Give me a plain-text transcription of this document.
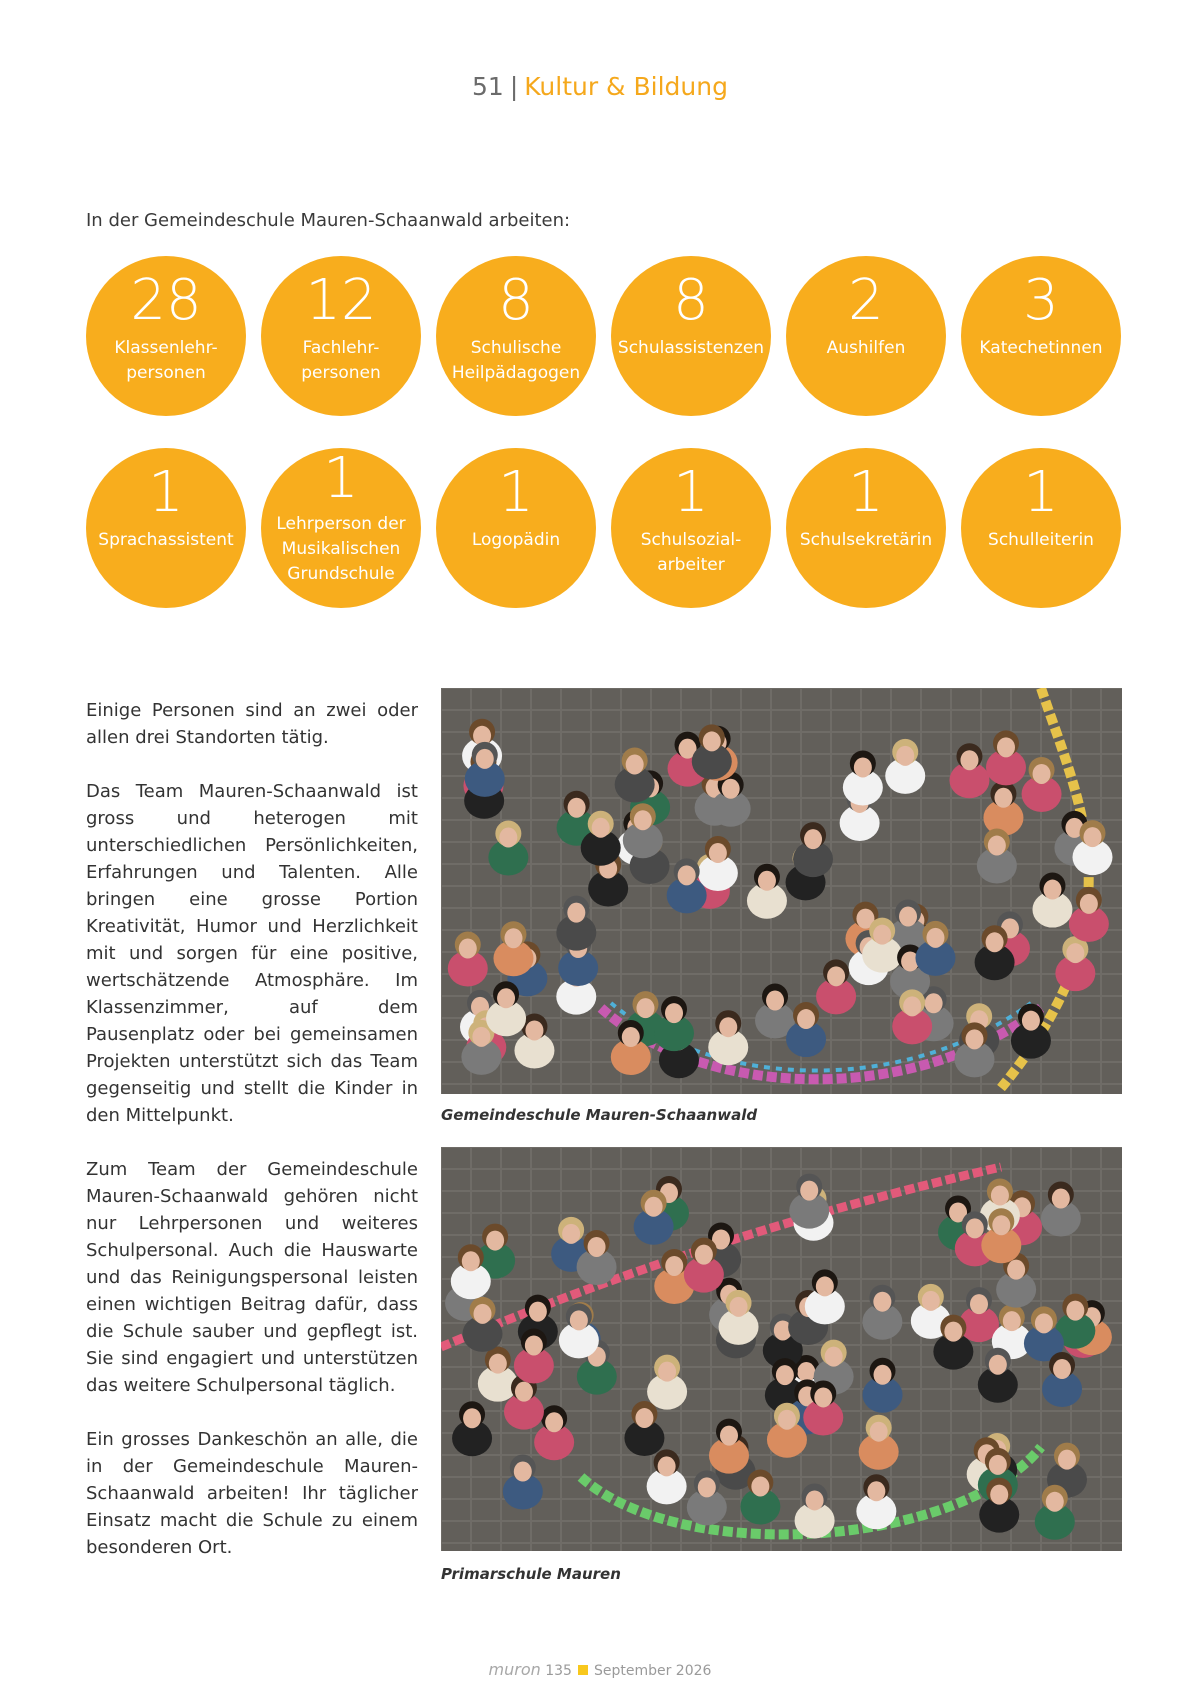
51 | Kultur & Bildung
In der Gemeindeschule Mauren-Schaanwald arbeiten:
28
Klassenlehr-
personen
12
Fachlehr-
personen
8
Schulische
Heilpädagogen
8
Schulassistenzen
2
Aushilfen
3
Katechetinnen
1
Sprachassistent
1
Lehrperson der
Musikalischen
Grundschule
1
Logopädin
1
Schulsozial-
arbeiter
1
Schulsekretärin
1
Schulleiterin

Einige Personen sind an zwei oder allen drei Standorten tätig.

Das Team Mauren-Schaanwald ist gross und heterogen mit unterschiedlichen Persönlichkeiten, Erfahrungen und Talenten. Alle bringen eine grosse Portion Kreativität, Humor und Herzlichkeit mit und sorgen für eine positive, wertschätzende Atmosphäre. Im Klassenzimmer, auf dem Pausenplatz oder bei gemeinsamen Projekten unterstützt sich das Team gegenseitig und stellt die Kinder in den Mittelpunkt.

Zum Team der Gemeindeschule Mauren-Schaanwald gehören nicht nur Lehrpersonen und weiteres Schulpersonal. Auch die Hauswarte und das Reinigungspersonal leisten einen wichtigen Beitrag dafür, dass die Schule sauber und gepflegt ist. Sie sind engagiert und unterstützen das weitere Schulpersonal täglich.

Ein grosses Dankeschön an alle, die in der Gemeindeschule Mauren-Schaanwald arbeiten! Ihr täglicher Einsatz macht die Schule zu einem besonderen Ort.

Gemeindeschule Mauren-Schaanwald
Primarschule Mauren
muron 135 September 2026
